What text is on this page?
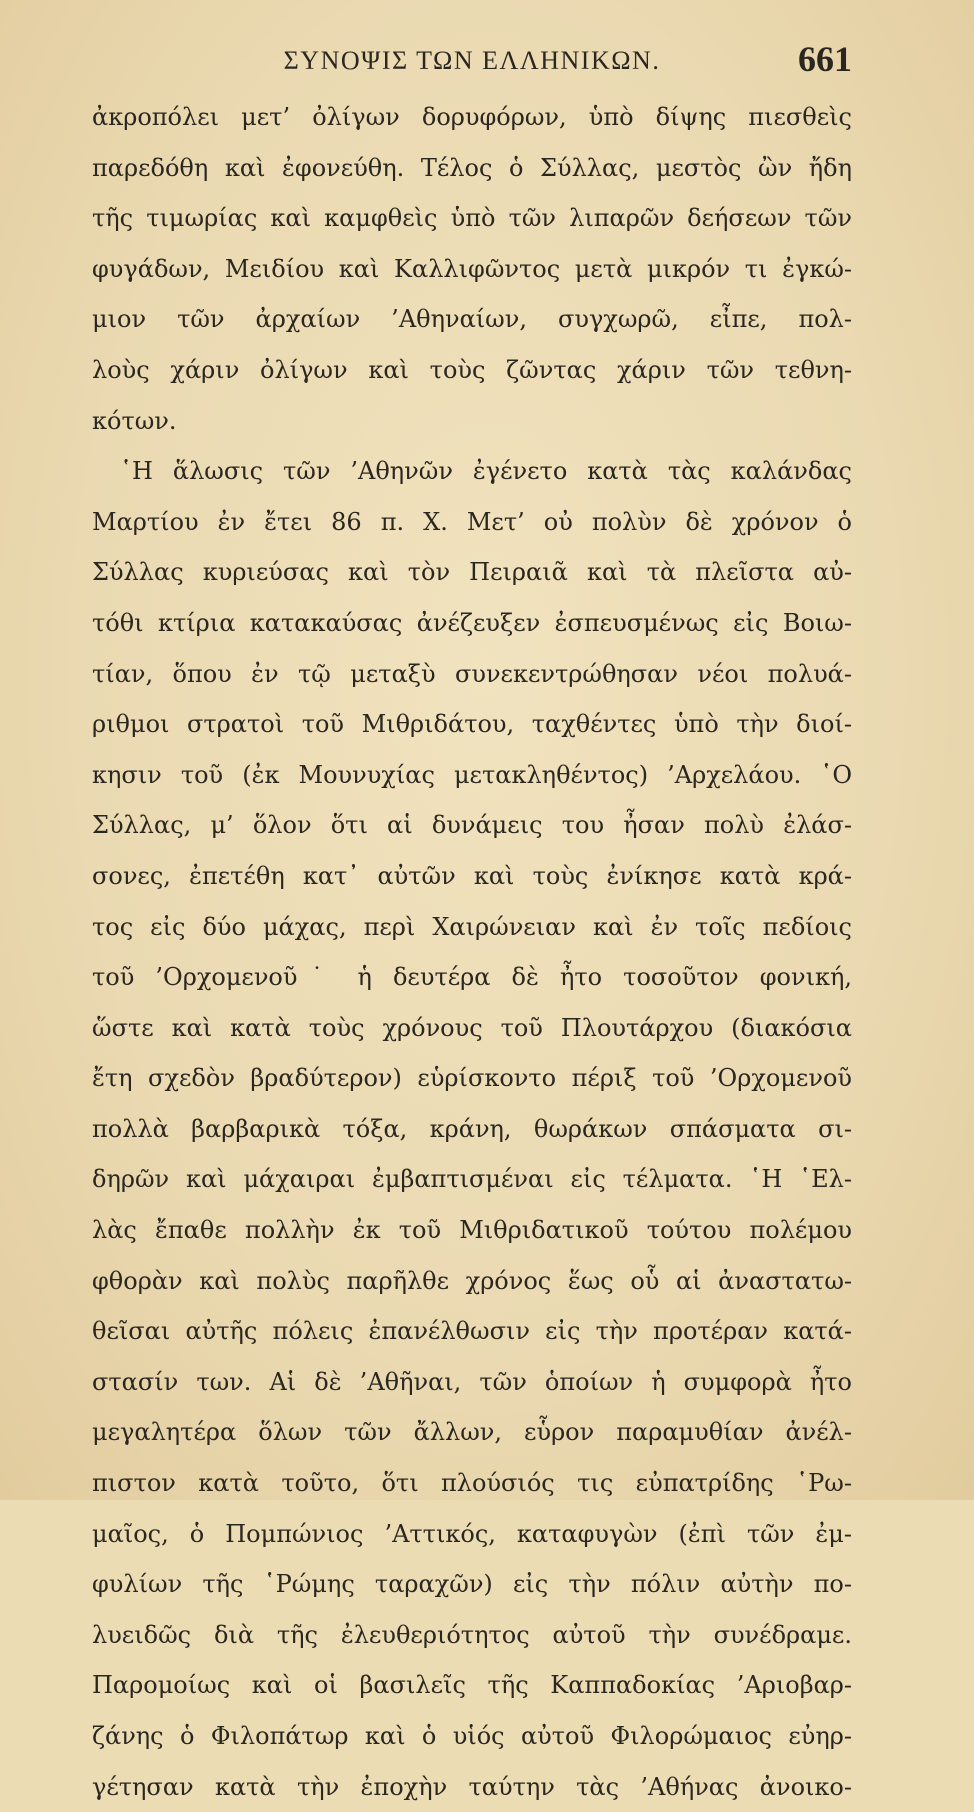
ΣΥΝΟΨΙΣ ΤΩΝ ΕΛΛΗΝΙΚΩΝ.	661
ἀκροπόλει μετ’ ὀλίγων δορυφόρων, ὑπὸ δίψης πιεσθεὶς
παρεδόθη καὶ ἐφονεύθη. Τέλος ὁ Σύλλας, μεστὸς ὢν ἤδη
τῆς τιμωρίας καὶ καμφθεὶς ὑπὸ τῶν λιπαρῶν δεήσεων τῶν
φυγάδων, Μειδίου καὶ Καλλιφῶντος μετὰ μικρόν τι ἐγκώ-
μιον τῶν ἀρχαίων ’Αθηναίων, συγχωρῶ, εἶπε, πολ-
λοὺς χάριν ὀλίγων καὶ τοὺς ζῶντας χάριν τῶν τεθνη-
κότων.
῾Η ἅλωσις τῶν ’Αθηνῶν ἐγένετο κατὰ τὰς καλάνδας
Μαρτίου ἐν ἔτει 86 π. Χ. Μετ’ οὐ πολὺν δὲ χρόνον ὁ
Σύλλας κυριεύσας καὶ τὸν Πειραιᾶ καὶ τὰ πλεῖστα αὐ-
τόθι κτίρια κατακαύσας ἀνέζευξεν ἐσπευσμένως εἰς Βοιω-
τίαν, ὅπου ἐν τῷ μεταξὺ συνεκεντρώθησαν νέοι πολυά-
ριθμοι στρατοὶ τοῦ Μιθριδάτου, ταχθέντες ὑπὸ τὴν διοί-
κησιν τοῦ (ἐκ Μουνυχίας μετακληθέντος) ’Αρχελάου. ῾Ο
Σύλλας, μ’ ὅλον ὅτι αἱ δυνάμεις του ἦσαν πολὺ ἐλάσ-
σονες, ἐπετέθη κατ᾽ αὐτῶν καὶ τοὺς ἐνίκησε κατὰ κρά-
τος εἰς δύο μάχας, περὶ Χαιρώνειαν καὶ ἐν τοῖς πεδίοις
τοῦ ’Ορχομενοῦ˙ ἡ δευτέρα δὲ ἦτο τοσοῦτον φονική,
ὥστε καὶ κατὰ τοὺς χρόνους τοῦ Πλουτάρχου (διακόσια
ἔτη σχεδὸν βραδύτερον) εὑρίσκοντο πέριξ τοῦ ’Ορχομενοῦ
πολλὰ βαρβαρικὰ τόξα, κράνη, θωράκων σπάσματα σι-
δηρῶν καὶ μάχαιραι ἐμβαπτισμέναι εἰς τέλματα. ῾Η ῾Ελ-
λὰς ἔπαθε πολλὴν ἐκ τοῦ Μιθριδατικοῦ τούτου πολέμου
φθορὰν καὶ πολὺς παρῆλθε χρόνος ἕως οὗ αἱ ἀναστατω-
θεῖσαι αὐτῆς πόλεις ἐπανέλθωσιν εἰς τὴν προτέραν κατά-
στασίν των. Αἱ δὲ ’Αθῆναι, τῶν ὁποίων ἡ συμφορὰ ἦτο
μεγαλητέρα ὅλων τῶν ἄλλων, εὗρον παραμυθίαν ἀνέλ-
πιστον κατὰ τοῦτο, ὅτι πλούσιός τις εὐπατρίδης ῾Ρω-
μαῖος, ὁ Πομπώνιος ’Αττικός, καταφυγὼν (ἐπὶ τῶν ἐμ-
φυλίων τῆς ῾Ρώμης ταραχῶν) εἰς τὴν πόλιν αὐτὴν πο-
λυειδῶς διὰ τῆς ἐλευθεριότητος αὐτοῦ τὴν συνέδραμε.
Παρομοίως καὶ οἱ βασιλεῖς τῆς Καππαδοκίας ’Αριοβαρ-
ζάνης ὁ Φιλοπάτωρ καὶ ὁ υἱός αὐτοῦ Φιλορώμαιος εὐηρ-
γέτησαν κατὰ τὴν ἐποχὴν ταύτην τὰς ’Αθήνας ἀνοικο-
